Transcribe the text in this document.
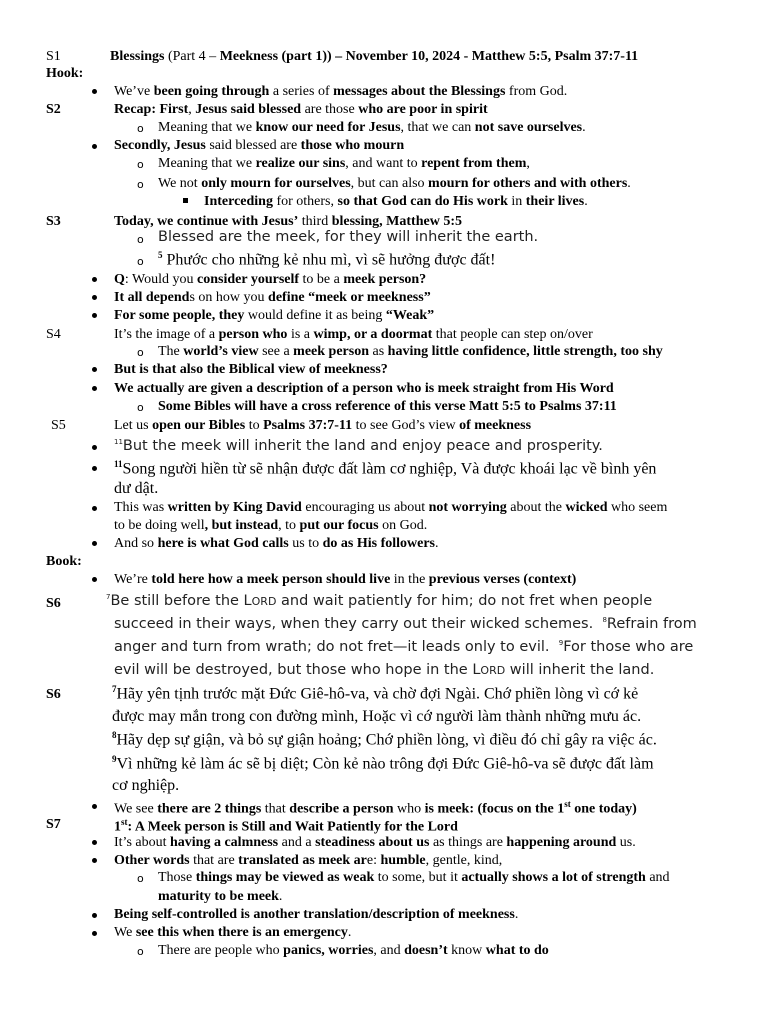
S1
Hook:
S2
S3
S4
S5
Book:
S6
S6
S7
Blessings (Part 4 – Meekness (part 1)) – November 10, 2024 - Matthew 5:5, Psalm 37:7-11
We’ve been going through a series of messages about the Blessings from God.
Recap: First, Jesus said blessed are those who are poor in spirit
o Meaning that we know our need for Jesus, that we can not save ourselves.
Secondly, Jesus said blessed are those who mourn
o Meaning that we realize our sins, and want to repent from them,
o We not only mourn for ourselves, but can also mourn for others and with others.
Interceding for others, so that God can do His work in their lives.
Today, we continue with Jesus’ third blessing, Matthew 5:5
o Blessed are the meek, for they will inherit the earth.
o $^5$ Phước cho những kẻ nhu mì, vì sẽ hưởng được đất!
Q: Would you consider yourself to be a meek person?
It all depends on how you define “meek or meekness”
For some people, they would define it as being “Weak”
It’s the image of a person who is a wimp, or a doormat that people can step on/over
o The world’s view see a meek person as having little confidence, little strength, too shy
But is that also the Biblical view of meekness?
We actually are given a description of a person who is meek straight from His Word
o Some Bibles will have a cross reference of this verse Matt 5:5 to Psalms 37:11
Let us open our Bibles to Psalms 37:7-11 to see God’s view of meekness
$^{11}$But the meek will inherit the land and enjoy peace and prosperity.
$^{11}$Song người hiền từ sẽ nhận được đất làm cơ nghiệp, Và được khoái lạc về bình yên
dư dật.
This was written by King David encouraging us about not worrying about the wicked who seem
to be doing well, but instead, to put our focus on God.
And so here is what God calls us to do as His followers.
We’re told here how a meek person should live in the previous verses (context)
$^7$Be still before the LORD and wait patiently for him; do not fret when people
succeed in their ways, when they carry out their wicked schemes. $^8$Refrain from
anger and turn from wrath; do not fret—it leads only to evil. $^9$For those who are
evil will be destroyed, but those who hope in the LORD will inherit the land.
$^7$Hãy yên tịnh trước mặt Đức Giê-hô-va, và chờ đợi Ngài. Chớ phiền lòng vì cớ kẻ
được may mắn trong con đường mình, Hoặc vì cớ người làm thành những mưu ác.
$^8$Hãy dẹp sự giận, và bỏ sự giận hoảng; Chớ phiền lòng, vì điều đó chỉ gây ra việc ác.
$^9$Vì những kẻ làm ác sẽ bị diệt; Còn kẻ nào trông đợi Đức Giê-hô-va sẽ được đất làm
cơ nghiệp.
We see there are 2 things that describe a person who is meek: (focus on the 1st one today)
1st: A Meek person is Still and Wait Patiently for the Lord
It’s about having a calmness and a steadiness about us as things are happening around us.
Other words that are translated as meek are: humble, gentle, kind,
o Those things may be viewed as weak to some, but it actually shows a lot of strength and
maturity to be meek.
Being self-controlled is another translation/description of meekness.
We see this when there is an emergency.
o There are people who panics, worries, and doesn’t know what to do
